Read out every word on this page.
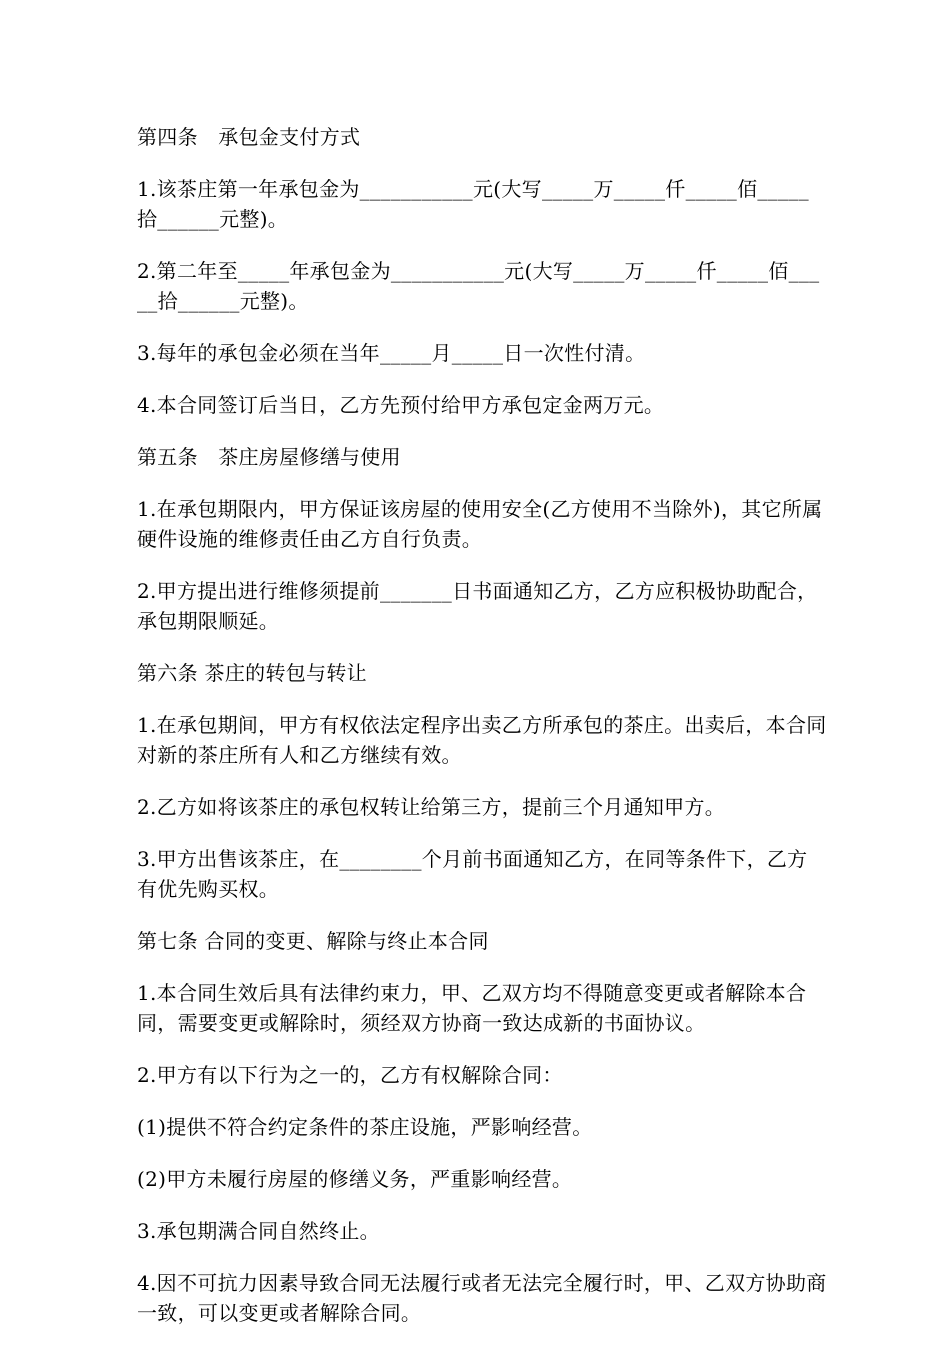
第四条　承包金支付方式

1.该茶庄第一年承包金为___________元(大写_____万_____仟_____佰_____拾______元整)。

2.第二年至_____年承包金为___________元(大写_____万_____仟_____佰_____拾______元整)。

3.每年的承包金必须在当年_____月_____日一次性付清。

4.本合同签订后当日，乙方先预付给甲方承包定金两万元。

第五条　茶庄房屋修缮与使用

1.在承包期限内，甲方保证该房屋的使用安全(乙方使用不当除外)，其它所属硬件设施的维修责任由乙方自行负责。

2.甲方提出进行维修须提前_______日书面通知乙方，乙方应积极协助配合，承包期限顺延。

第六条 茶庄的转包与转让

1.在承包期间，甲方有权依法定程序出卖乙方所承包的茶庄。出卖后，本合同对新的茶庄所有人和乙方继续有效。

2.乙方如将该茶庄的承包权转让给第三方，提前三个月通知甲方。

3.甲方出售该茶庄，在________个月前书面通知乙方，在同等条件下，乙方有优先购买权。

第七条 合同的变更、解除与终止本合同

1.本合同生效后具有法律约束力，甲、乙双方均不得随意变更或者解除本合同，需要变更或解除时，须经双方协商一致达成新的书面协议。

2.甲方有以下行为之一的，乙方有权解除合同：

(1)提供不符合约定条件的茶庄设施，严影响经营。

(2)甲方未履行房屋的修缮义务，严重影响经营。

3.承包期满合同自然终止。

4.因不可抗力因素导致合同无法履行或者无法完全履行时，甲、乙双方协助商一致，可以变更或者解除合同。
